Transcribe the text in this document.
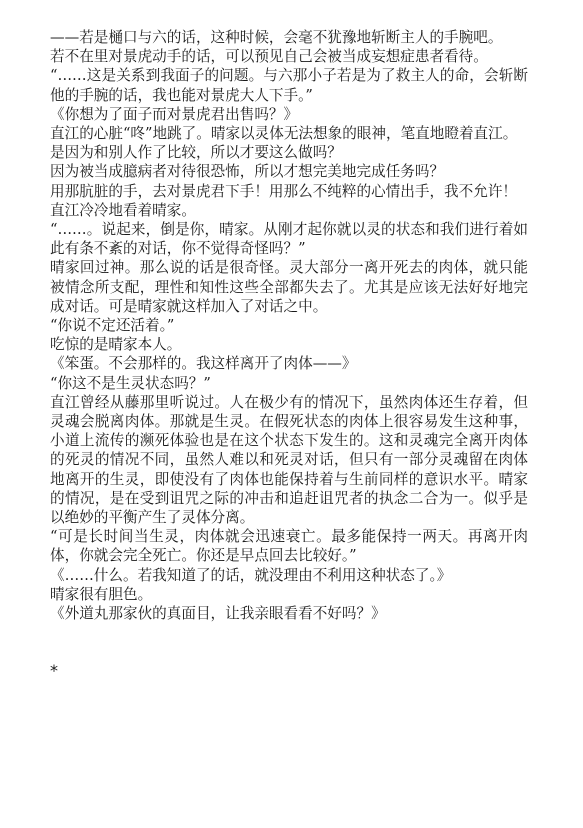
——若是樋口与六的话，这种时候，会毫不犹豫地斩断主人的手腕吧。

若不在里对景虎动手的话，可以预见自己会被当成妄想症患者看待。

“……这是关系到我面子的问题。与六那小子若是为了救主人的命，会斩断他的手腕的话，我也能对景虎大人下手。”

《你想为了面子而对景虎君出售吗？》

直江的心脏“咚”地跳了。晴家以灵体无法想象的眼神，笔直地瞪着直江。

是因为和别人作了比较，所以才要这么做吗？

因为被当成臆病者对待很恐怖，所以才想完美地完成任务吗？

用那肮脏的手，去对景虎君下手！用那么不纯粹的心情出手，我不允许！

直江冷冷地看着晴家。

“……。说起来，倒是你，晴家。从刚才起你就以灵的状态和我们进行着如此有条不紊的对话，你不觉得奇怪吗？”

晴家回过神。那么说的话是很奇怪。灵大部分一离开死去的肉体，就只能被情念所支配，理性和知性这些全部都失去了。尤其是应该无法好好地完成对话。可是晴家就这样加入了对话之中。

“你说不定还活着。”

吃惊的是晴家本人。

《笨蛋。不会那样的。我这样离开了肉体——》

“你这不是生灵状态吗？”

直江曾经从藤那里听说过。人在极少有的情况下，虽然肉体还生存着，但灵魂会脱离肉体。那就是生灵。在假死状态的肉体上很容易发生这种事，小道上流传的濒死体验也是在这个状态下发生的。这和灵魂完全离开肉体的死灵的情况不同，虽然人难以和死灵对话，但只有一部分灵魂留在肉体地离开的生灵，即使没有了肉体也能保持着与生前同样的意识水平。晴家的情况，是在受到诅咒之际的冲击和追赶诅咒者的执念二合为一。似乎是以绝妙的平衡产生了灵体分离。

“可是长时间当生灵，肉体就会迅速衰亡。最多能保持一两天。再离开肉体，你就会完全死亡。你还是早点回去比较好。”

《……什么。若我知道了的话，就没理由不利用这种状态了。》

晴家很有胆色。

《外道丸那家伙的真面目，让我亲眼看看不好吗？》

*
